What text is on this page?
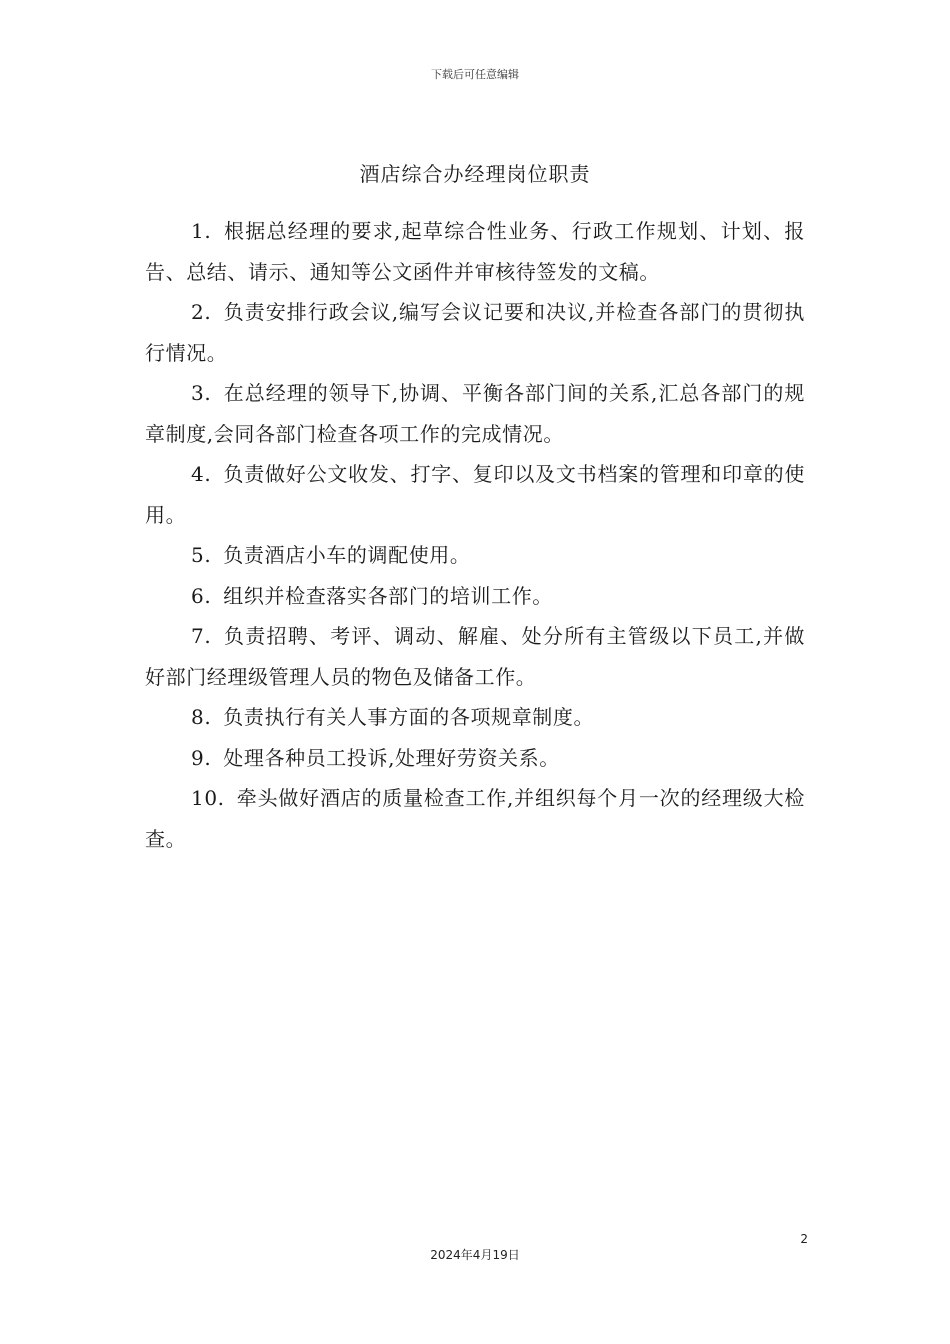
下载后可任意编辑
酒店综合办经理岗位职责

1. 根据总经理的要求,起草综合性业务、行政工作规划、计划、报告、总结、请示、通知等公文函件并审核待签发的文稿。

2. 负责安排行政会议,编写会议记要和决议,并检查各部门的贯彻执行情况。

3. 在总经理的领导下,协调、平衡各部门间的关系,汇总各部门的规章制度,会同各部门检查各项工作的完成情况。

4. 负责做好公文收发、打字、复印以及文书档案的管理和印章的使用。

5. 负责酒店小车的调配使用。

6. 组织并检查落实各部门的培训工作。

7. 负责招聘、考评、调动、解雇、处分所有主管级以下员工,并做好部门经理级管理人员的物色及储备工作。

8. 负责执行有关人事方面的各项规章制度。

9. 处理各种员工投诉,处理好劳资关系。

10. 牵头做好酒店的质量检查工作,并组织每个月一次的经理级大检查。

2
2024年4月19日
